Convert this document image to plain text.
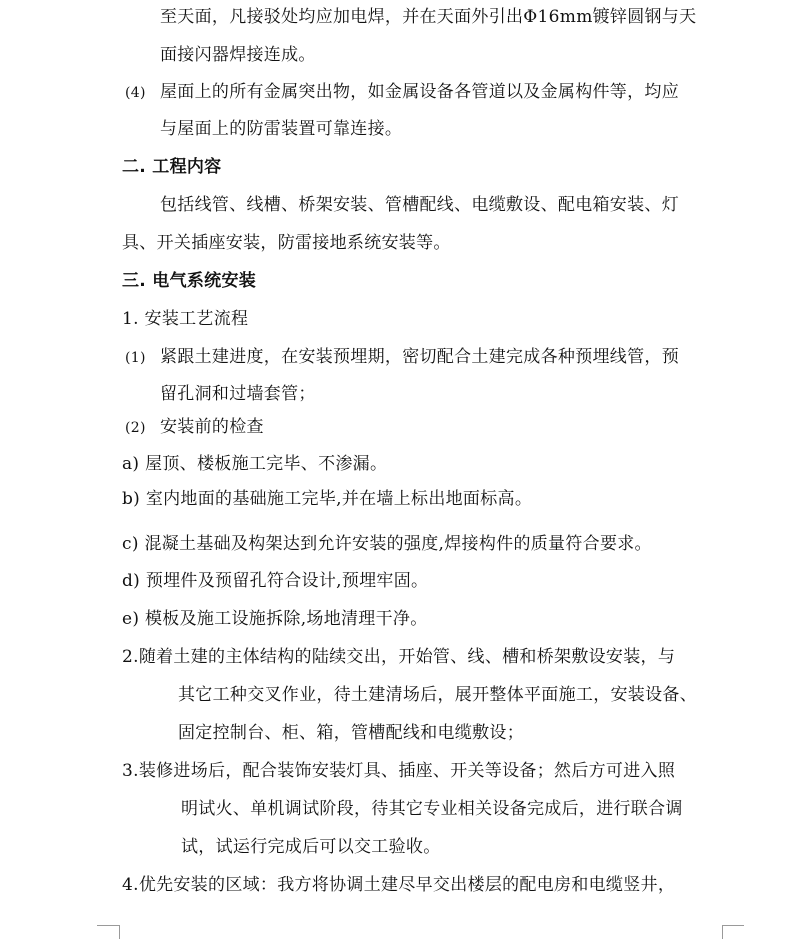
至天面，凡接驳处均应加电焊，并在天面外引出Φ16mm镀锌圆钢与天
面接闪器焊接连成。
(4) 屋面上的所有金属突出物，如金属设备各管道以及金属构件等，均应
与屋面上的防雷装置可靠连接。
二. 工程内容
包括线管、线槽、桥架安装、管槽配线、电缆敷设、配电箱安装、灯
具、开关插座安装，防雷接地系统安装等。
三. 电气系统安装
1. 安装工艺流程
(1) 紧跟土建进度，在安装预埋期，密切配合土建完成各种预埋线管，预
留孔洞和过墙套管；
(2) 安装前的检查
a) 屋顶、楼板施工完毕、不渗漏。
b) 室内地面的基础施工完毕,并在墙上标出地面标高。
c) 混凝土基础及构架达到允许安装的强度,焊接构件的质量符合要求。
d) 预埋件及预留孔符合设计,预埋牢固。
e) 模板及施工设施拆除,场地清理干净。
2.随着土建的主体结构的陆续交出，开始管、线、槽和桥架敷设安装，与
其它工种交叉作业，待土建清场后，展开整体平面施工，安装设备、
固定控制台、柜、箱，管槽配线和电缆敷设；
3.装修进场后，配合装饰安装灯具、插座、开关等设备；然后方可进入照
明试火、单机调试阶段，待其它专业相关设备完成后，进行联合调
试，试运行完成后可以交工验收。
4.优先安装的区域：我方将协调土建尽早交出楼层的配电房和电缆竖井，
